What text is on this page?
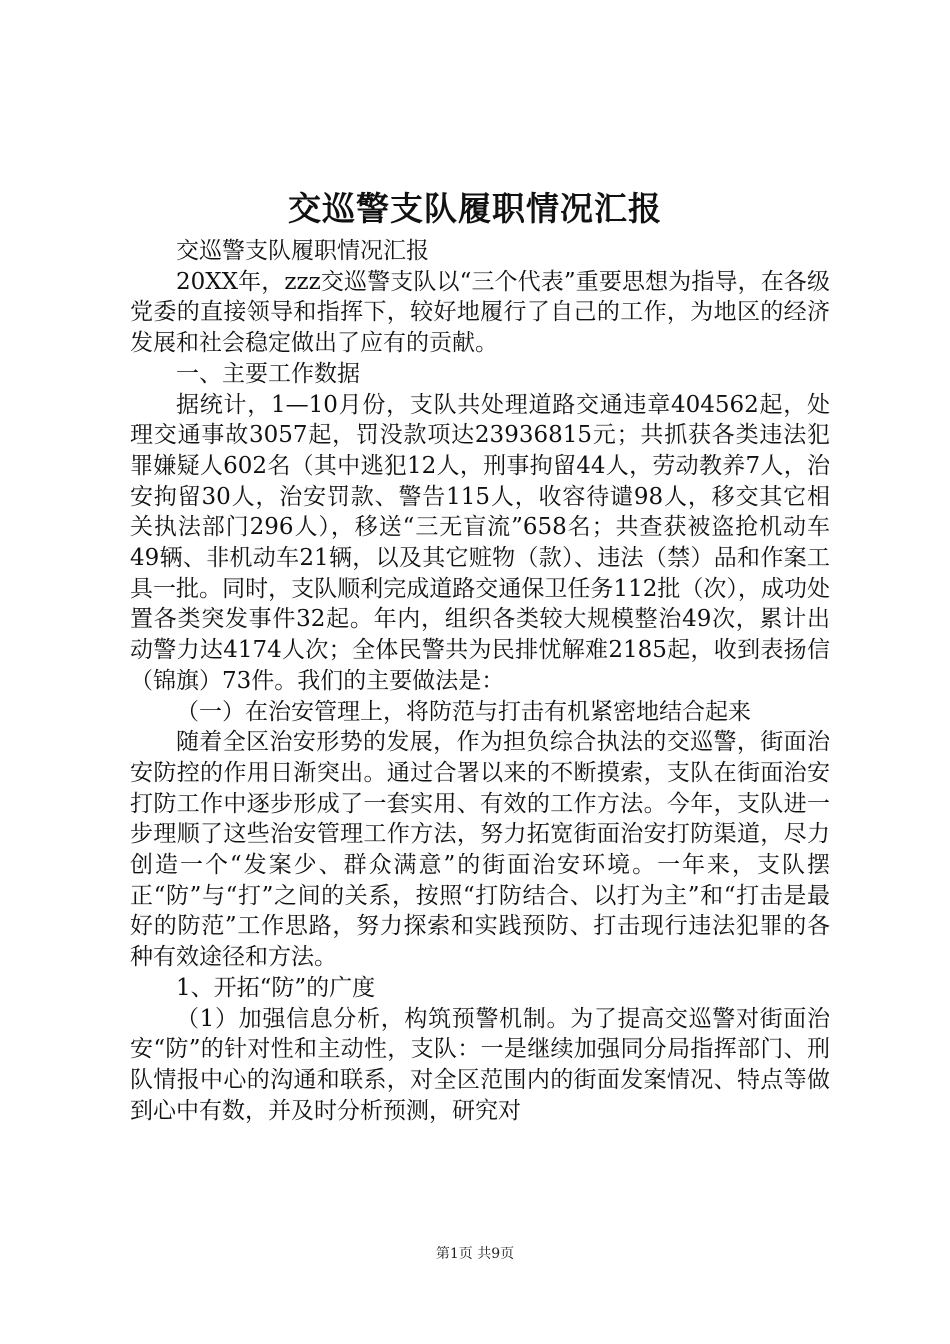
交巡警支队履职情况汇报

交巡警支队履职情况汇报

20XX年，zzz交巡警支队以“三个代表”重要思想为指导，在各级党委的直接领导和指挥下，较好地履行了自己的工作，为地区的经济发展和社会稳定做出了应有的贡献。

一、主要工作数据

据统计，1—10月份，支队共处理道路交通违章404562起，处理交通事故3057起，罚没款项达23936815元；共抓获各类违法犯罪嫌疑人602名（其中逃犯12人，刑事拘留44人，劳动教养7人，治安拘留30人，治安罚款、警告115人，收容待谴98人，移交其它相关执法部门296人），移送“三无盲流”658名；共查获被盗抢机动车49辆、非机动车21辆，以及其它赃物（款）、违法（禁）品和作案工具一批。同时，支队顺利完成道路交通保卫任务112批（次），成功处置各类突发事件32起。年内，组织各类较大规模整治49次，累计出动警力达4174人次；全体民警共为民排忧解难2185起，收到表扬信（锦旗）73件。我们的主要做法是：

（一）在治安管理上，将防范与打击有机紧密地结合起来

随着全区治安形势的发展，作为担负综合执法的交巡警，街面治安防控的作用日渐突出。通过合署以来的不断摸索，支队在街面治安打防工作中逐步形成了一套实用、有效的工作方法。今年，支队进一步理顺了这些治安管理工作方法，努力拓宽街面治安打防渠道，尽力创造一个“发案少、群众满意”的街面治安环境。一年来，支队摆正“防”与“打”之间的关系，按照“打防结合、以打为主”和“打击是最好的防范”工作思路，努力探索和实践预防、打击现行违法犯罪的各种有效途径和方法。

1、开拓“防”的广度

（1）加强信息分析，构筑预警机制。为了提高交巡警对街面治安“防”的针对性和主动性，支队：一是继续加强同分局指挥部门、刑队情报中心的沟通和联系，对全区范围内的街面发案情况、特点等做到心中有数，并及时分析预测，研究对

第1页 共9页
